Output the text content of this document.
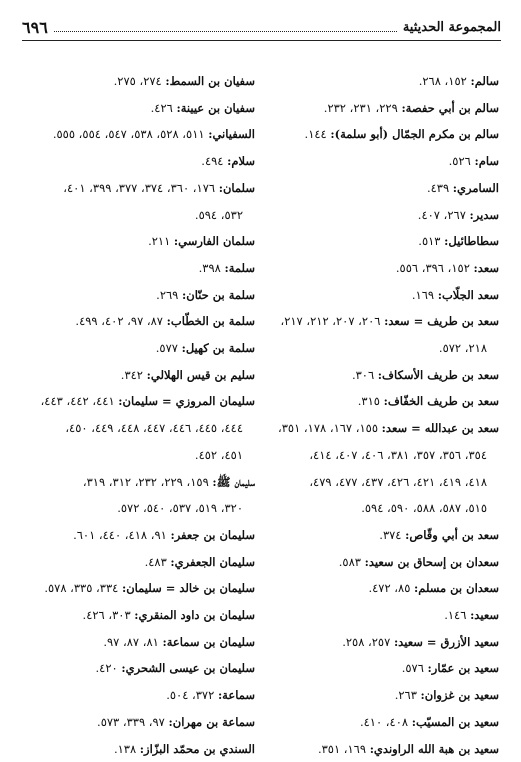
المجموعة الحديثية
٦٩٦
سالم: ١٥٢، ٢٦٨.
سالم بن أبي حفصة: ٢٢٩، ٢٣١، ٢٣٢.
سالم بن مكرم الجمّال (أبو سلمة): ١٤٤.
سام: ٥٢٦.
السامري: ٤٣٩.
سدير: ٢٦٧، ٤٠٧.
سطاطائيل: ٥١٣.
سعد: ١٥٢، ٣٩٦، ٥٥٦.
سعد الجلّاب: ١٦٩.
سعد بن طريف = سعد: ٢٠٦، ٢٠٧، ٢١٢، ٢١٧،
٢١٨، ٥٧٢.
سعد بن طريف الأسكاف: ٣٠٦.
سعد بن طريف الخفّاف: ٣١٥.
سعد بن عبدالله = سعد: ١٥٥، ١٦٧، ١٧٨، ٣٥١،
٣٥٤، ٣٥٦، ٣٥٧، ٣٨١، ٤٠٦، ٤٠٧، ٤١٤،
٤١٨، ٤١٩، ٤٢١، ٤٢٦، ٤٣٧، ٤٧٧، ٤٧٩،
٥١٥، ٥٨٧، ٥٨٨، ٥٩٠، ٥٩٤.
سعد بن أبي وقّاص: ٣٧٤.
سعدان بن إسحاق بن سعيد: ٥٨٣.
سعدان بن مسلم: ٨٥، ٤٧٢.
سعيد: ١٤٦.
سعيد الأزرق = سعيد: ٢٥٧، ٢٥٨.
سعيد بن عمّار: ٥٧٦.
سعيد بن غزوان: ٢٦٣.
سعيد بن المسيّب: ٤٠٨، ٤١٠.
سعيد بن هبة الله الراوندي: ١٦٩، ٣٥١.
سفيان بن السمط: ٢٧٤، ٢٧٥.
سفيان بن عيينة: ٤٢٦.
السفياني: ٥١١، ٥٢٨، ٥٣٨، ٥٤٧، ٥٥٤، ٥٥٥.
سلام: ٤٩٤.
سلمان: ١٧٦، ٣٦٠، ٣٧٤، ٣٧٧، ٣٩٩، ٤٠١،
٥٣٢، ٥٩٤.
سلمان الفارسي: ٢١١.
سلمة: ٣٩٨.
سلمة بن حنّان: ٢٦٩.
سلمة بن الخطّاب: ٨٧، ٩٧، ٤٠٢، ٤٩٩.
سلمة بن كهيل: ٥٧٧.
سليم بن قيس الهلالي: ٣٤٢.
سليمان المروزي = سليمان: ٤٤١، ٤٤٢، ٤٤٣،
٤٤٤، ٤٤٥، ٤٤٦، ٤٤٧، ٤٤٨، ٤٤٩، ٤٥٠،
٤٥١، ٤٥٢.
سليمان ﷺ: ١٥٩، ٢٢٩، ٢٣٢، ٣١٢، ٣١٩،
٣٢٠، ٥١٩، ٥٣٧، ٥٤٠، ٥٧٢.
سليمان بن جعفر: ٩١، ٤١٨، ٤٤٠، ٦٠١.
سليمان الجعفري: ٤٨٣.
سليمان بن خالد = سليمان: ٣٣٤، ٣٣٥، ٥٧٨.
سليمان بن داود المنقري: ٣٠٣، ٤٢٦.
سليمان بن سماعة: ٨١، ٨٧، ٩٧.
سليمان بن عيسى الشحري: ٤٢٠.
سماعة: ٣٧٢، ٥٠٤.
سماعة بن مهران: ٩٧، ٣٣٩، ٥٧٣.
السندي بن محمّد البزّاز: ١٣٨.
